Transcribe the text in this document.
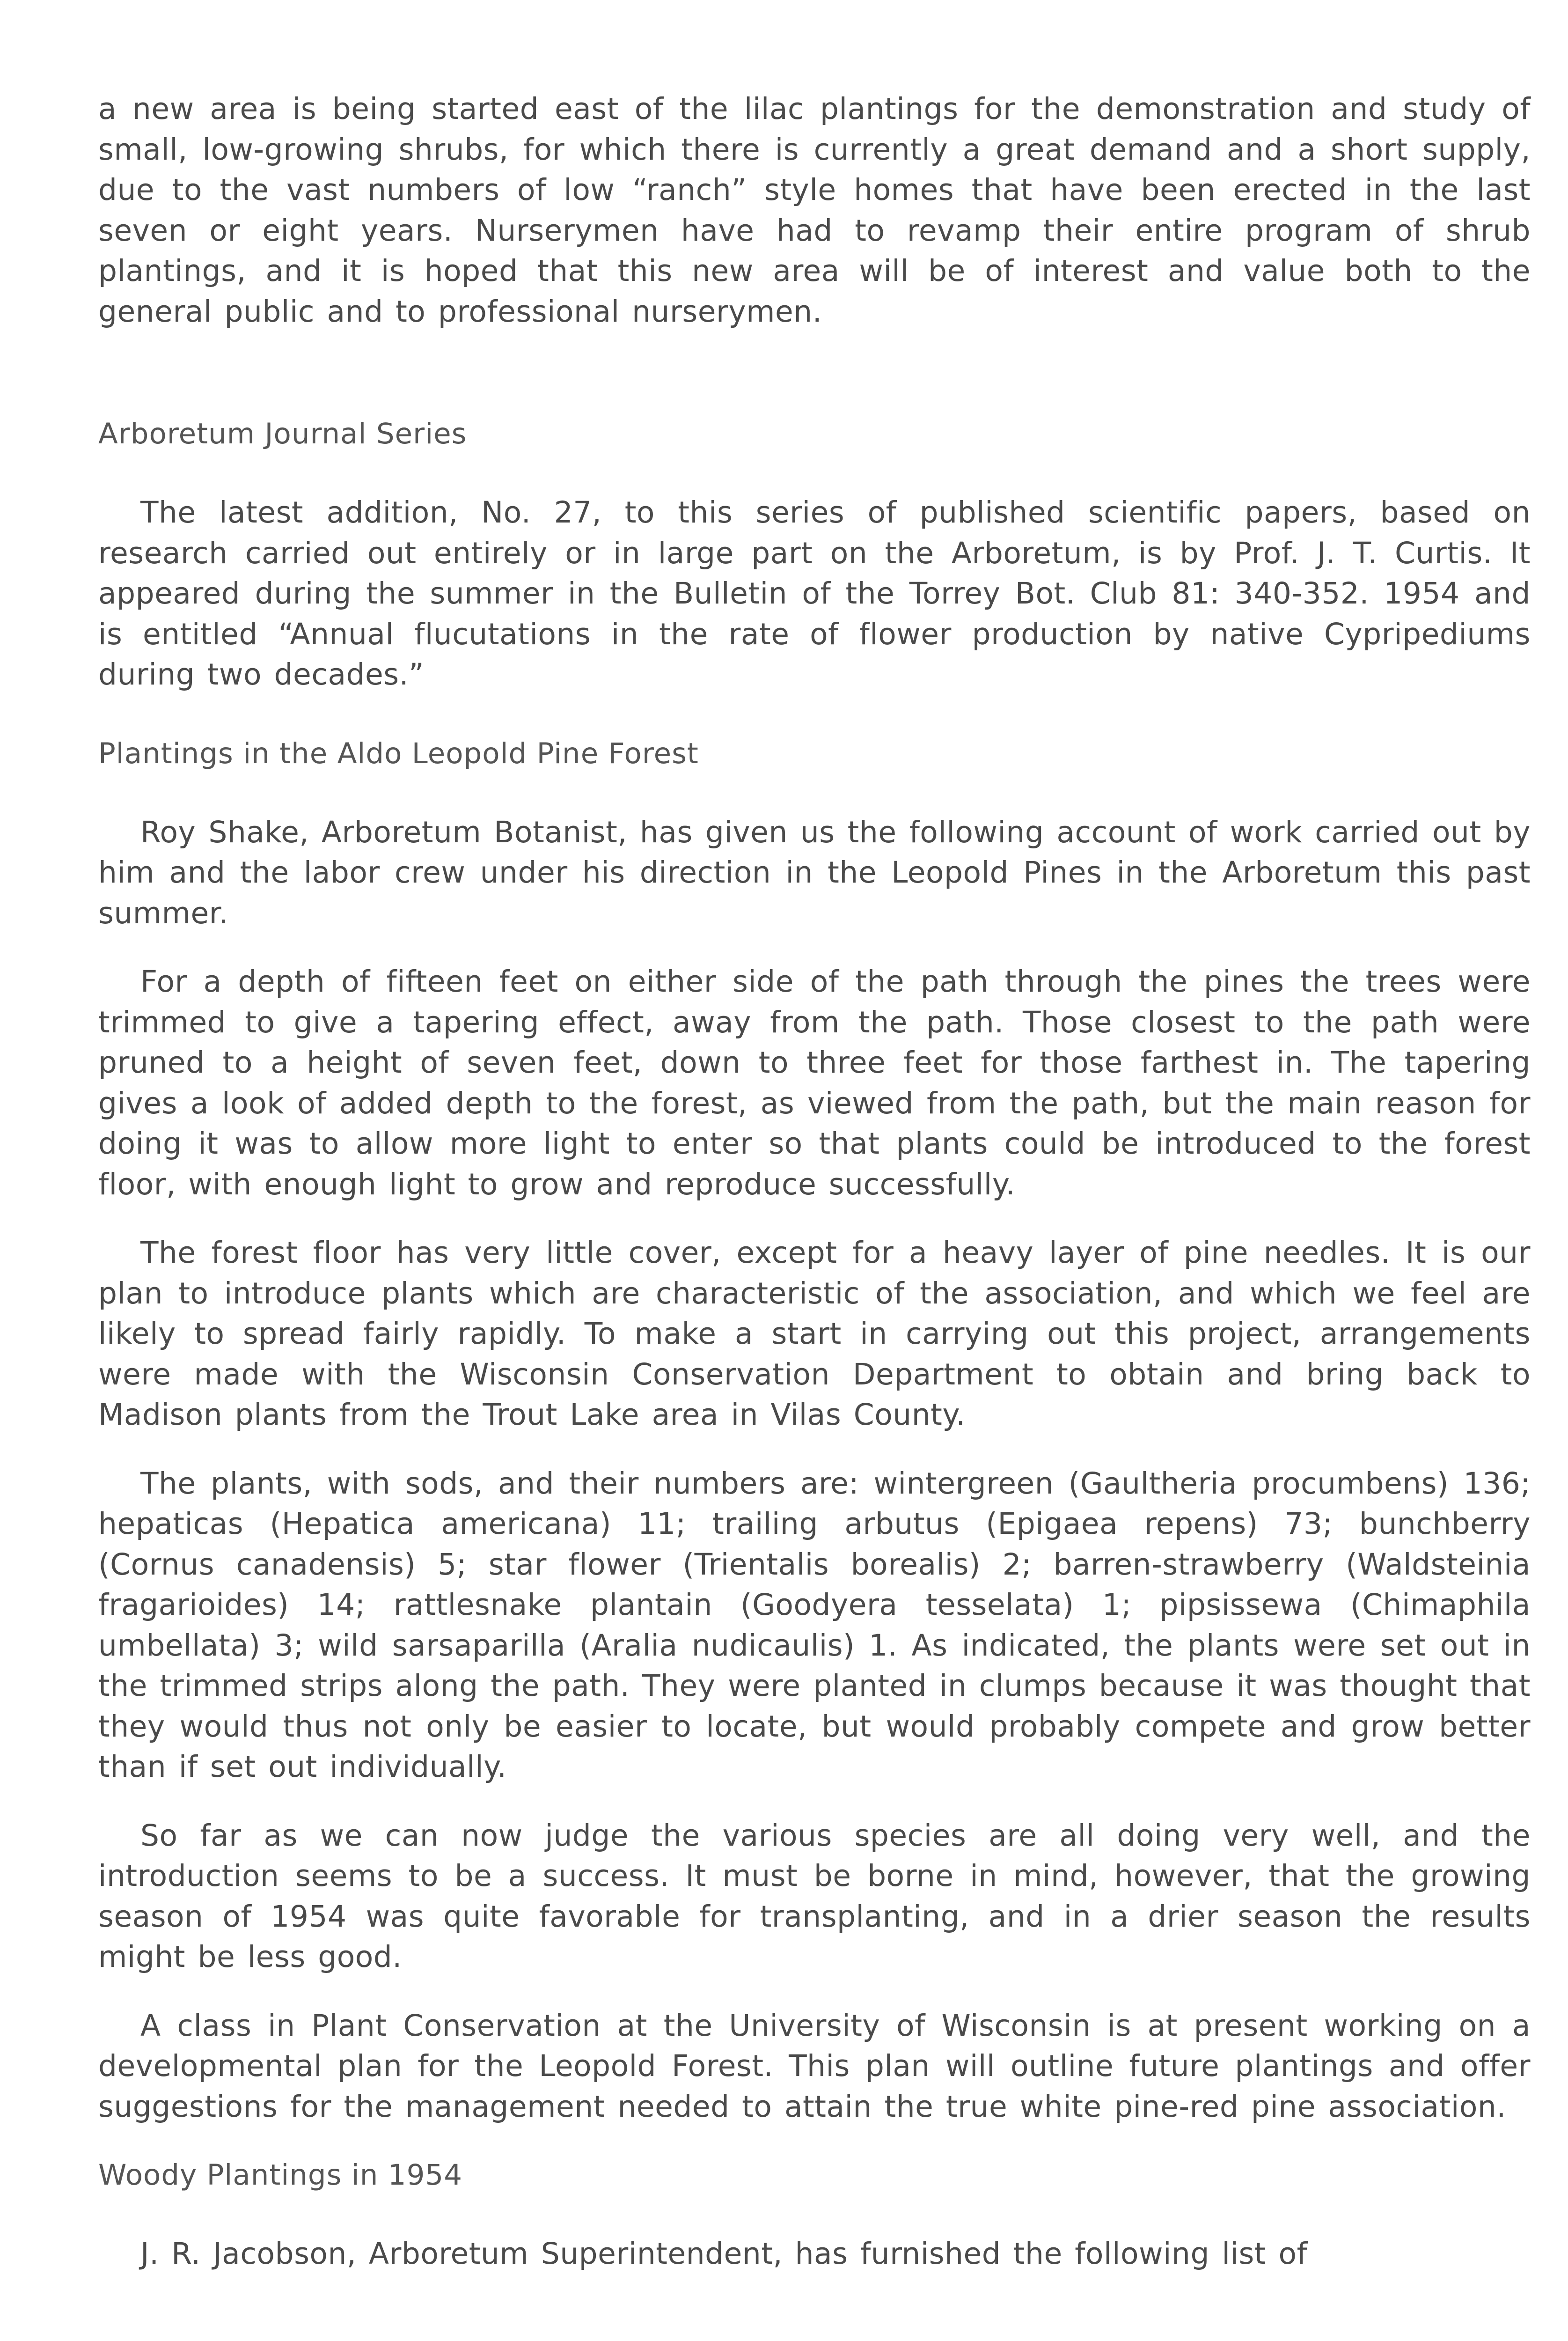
a new area is being started east of the lilac plantings for the demonstration and study of small, low-growing shrubs, for which there is currently a great demand and a short supply, due to the vast numbers of low “ranch” style homes that have been erected in the last seven or eight years. Nurserymen have had to revamp their entire program of shrub plantings, and it is hoped that this new area will be of interest and value both to the general public and to professional nurserymen.

Arboretum Journal Series

The latest addition, No. 27, to this series of published scientific papers, based on research carried out entirely or in large part on the Arboretum, is by Prof. J. T. Curtis. It appeared during the summer in the Bulletin of the Torrey Bot. Club 81: 340-352. 1954 and is entitled “Annual flucutations in the rate of flower production by native Cypripediums during two decades.”

Plantings in the Aldo Leopold Pine Forest

Roy Shake, Arboretum Botanist, has given us the following account of work carried out by him and the labor crew under his direction in the Leopold Pines in the Arboretum this past summer.

For a depth of fifteen feet on either side of the path through the pines the trees were trimmed to give a tapering effect, away from the path. Those closest to the path were pruned to a height of seven feet, down to three feet for those farthest in. The tapering gives a look of added depth to the forest, as viewed from the path, but the main reason for doing it was to allow more light to enter so that plants could be introduced to the forest floor, with enough light to grow and reproduce successfully.

The forest floor has very little cover, except for a heavy layer of pine needles. It is our plan to introduce plants which are characteristic of the association, and which we feel are likely to spread fairly rapidly. To make a start in carrying out this project, arrangements were made with the Wisconsin Conservation Department to obtain and bring back to Madison plants from the Trout Lake area in Vilas County.

The plants, with sods, and their numbers are: wintergreen (Gaultheria procumbens) 136; hepaticas (Hepatica americana) 11; trailing arbutus (Epigaea repens) 73; bunchberry (Cornus canadensis) 5; star flower (Trientalis borealis) 2; barren-strawberry (Waldsteinia fragarioides) 14; rattlesnake plantain (Goodyera tesselata) 1; pipsissewa (Chimaphila umbellata) 3; wild sarsaparilla (Aralia nudicaulis) 1. As indicated, the plants were set out in the trimmed strips along the path. They were planted in clumps because it was thought that they would thus not only be easier to locate, but would probably compete and grow better than if set out individually.

So far as we can now judge the various species are all doing very well, and the introduction seems to be a success. It must be borne in mind, however, that the growing season of 1954 was quite favorable for transplanting, and in a drier season the results might be less good.

A class in Plant Conservation at the University of Wisconsin is at present working on a developmental plan for the Leopold Forest. This plan will outline future plantings and offer suggestions for the management needed to attain the true white pine-red pine association.

Woody Plantings in 1954

J. R. Jacobson, Arboretum Superintendent, has furnished the following list of
